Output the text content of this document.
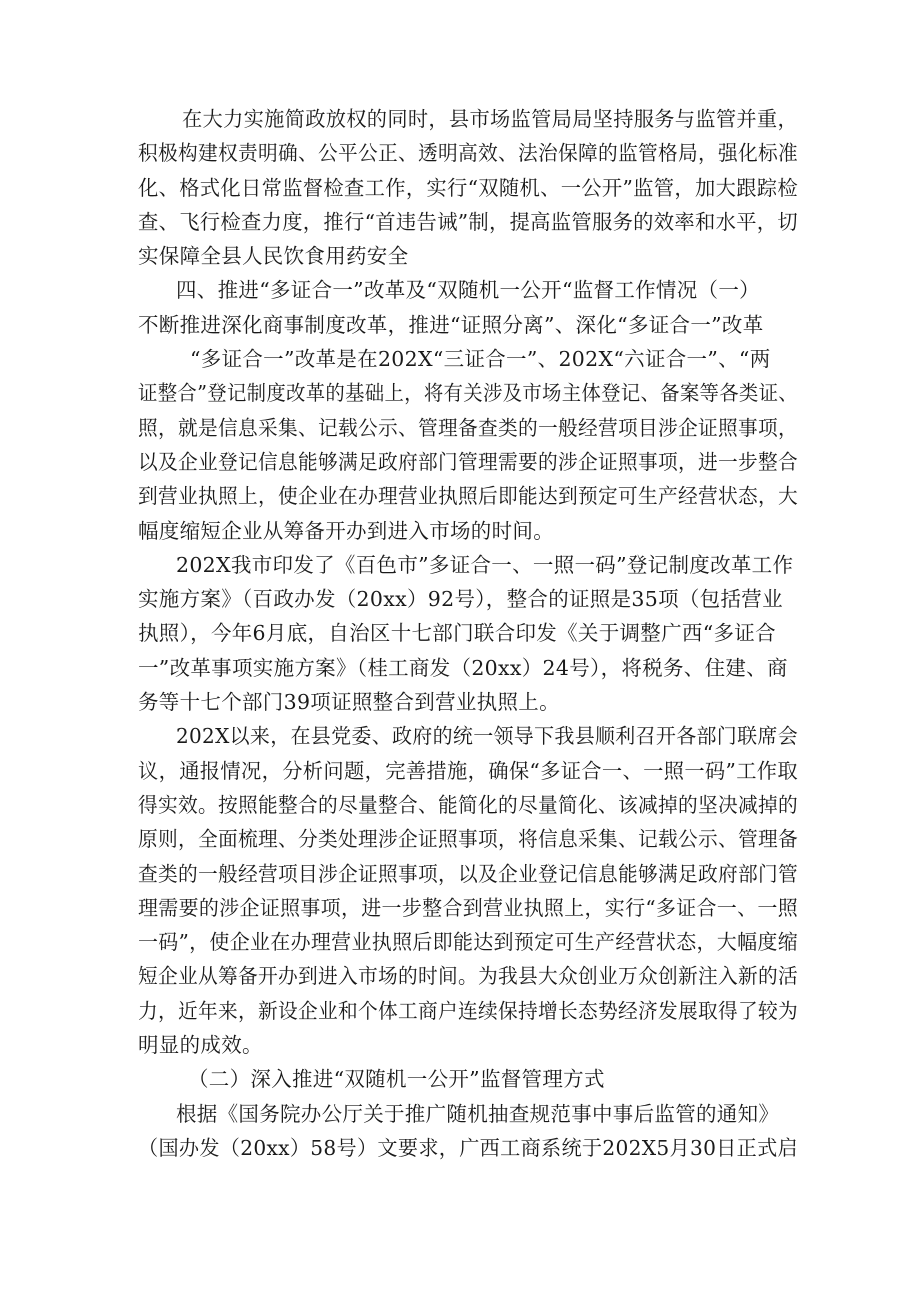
在大力实施简政放权的同时，县市场监管局局坚持服务与监管并重，
积极构建权责明确、公平公正、透明高效、法治保障的监管格局，强化标准
化、格式化日常监督检查工作，实行“双随机、一公开”监管，加大跟踪检
查、飞行检查力度，推行“首违告诫”制，提高监管服务的效率和水平，切
实保障全县人民饮食用药安全
四、推进“多证合一”改革及“双随机一公开“监督工作情况（一）
不断推进深化商事制度改革，推进“证照分离”、深化“多证合一”改革
“多证合一”改革是在202X“三证合一”、202X“六证合一”、“两
证整合”登记制度改革的基础上，将有关涉及市场主体登记、备案等各类证、
照，就是信息采集、记载公示、管理备查类的一般经营项目涉企证照事项，
以及企业登记信息能够满足政府部门管理需要的涉企证照事项，进一步整合
到营业执照上，使企业在办理营业执照后即能达到预定可生产经营状态，大
幅度缩短企业从筹备开办到进入市场的时间。
202X我市印发了《百色市”多证合一、一照一码”登记制度改革工作
实施方案》（百政办发（20xx）92号），整合的证照是35项（包括营业
执照），今年6月底，自治区十七部门联合印发《关于调整广西“多证合
一”改革事项实施方案》（桂工商发（20xx）24号），将税务、住建、商
务等十七个部门39项证照整合到营业执照上。
202X以来，在县党委、政府的统一领导下我县顺利召开各部门联席会
议，通报情况，分析问题，完善措施，确保“多证合一、一照一码”工作取
得实效。按照能整合的尽量整合、能简化的尽量简化、该减掉的坚决减掉的
原则，全面梳理、分类处理涉企证照事项，将信息采集、记载公示、管理备
查类的一般经营项目涉企证照事项，以及企业登记信息能够满足政府部门管
理需要的涉企证照事项，进一步整合到营业执照上，实行“多证合一、一照
一码”，使企业在办理营业执照后即能达到预定可生产经营状态，大幅度缩
短企业从筹备开办到进入市场的时间。为我县大众创业万众创新注入新的活
力，近年来，新设企业和个体工商户连续保持增长态势经济发展取得了较为
明显的成效。
（二）深入推进“双随机一公开”监督管理方式
根据《国务院办公厅关于推广随机抽查规范事中事后监管的通知》
（国办发（20xx）58号）文要求，广西工商系统于202X5月30日正式启
